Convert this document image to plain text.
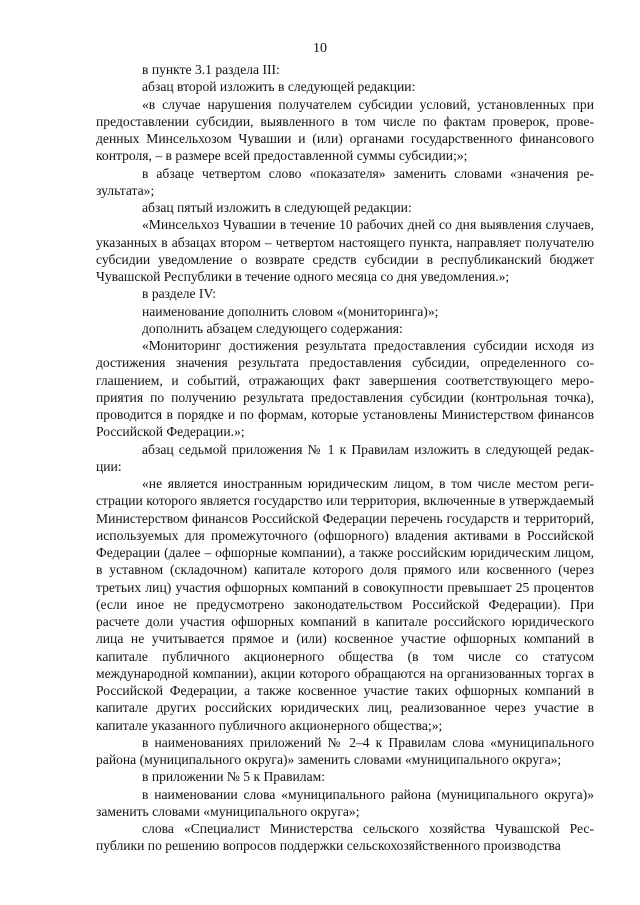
10

в пункте 3.1 раздела III:

абзац второй изложить в следующей редакции:

«в случае нарушения получателем субсидии условий, установленных при предоставлении субсидии, выявленного в том числе по фактам проверок, проведенных Минсельхозом Чувашии и (или) органами государственного финансового контроля, – в размере всей предоставленной суммы субсидии;»;

в абзаце четвертом слово «показателя» заменить словами «значения результата»;

абзац пятый изложить в следующей редакции:

«Минсельхоз Чувашии в течение 10 рабочих дней со дня выявления случаев, указанных в абзацах втором – четвертом настоящего пункта, направляет получателю субсидии уведомление о возврате средств субсидии в республиканский бюджет Чувашской Республики в течение одного месяца со дня уведомления.»;

в разделе IV:

наименование дополнить словом «(мониторинга)»;

дополнить абзацем следующего содержания:

«Мониторинг достижения результата предоставления субсидии исходя из достижения значения результата предоставления субсидии, определенного соглашением, и событий, отражающих факт завершения соответствующего мероприятия по получению результата предоставления субсидии (контрольная точка), проводится в порядке и по формам, которые установлены Министерством финансов Российской Федерации.»;

абзац седьмой приложения № 1 к Правилам изложить в следующей редакции:

«не является иностранным юридическим лицом, в том числе местом регистрации которого является государство или территория, включенные в утверждаемый Министерством финансов Российской Федерации перечень государств и территорий, используемых для промежуточного (офшорного) владения активами в Российской Федерации (далее – офшорные компании), а также российским юридическим лицом, в уставном (складочном) капитале которого доля прямого или косвенного (через третьих лиц) участия офшорных компаний в совокупности превышает 25 процентов (если иное не предусмотрено законодательством Российской Федерации). При расчете доли участия офшорных компаний в капитале российского юридического лица не учитывается прямое и (или) косвенное участие офшорных компаний в капитале публичного акционерного общества (в том числе со статусом международной компании), акции которого обращаются на организованных торгах в Российской Федерации, а также косвенное участие таких офшорных компаний в капитале других российских юридических лиц, реализованное через участие в капитале указанного публичного акционерного общества;»;

в наименованиях приложений № 2–4 к Правилам слова «муниципального района (муниципального округа)» заменить словами «муниципального округа»;

в приложении № 5 к Правилам:

в наименовании слова «муниципального района (муниципального округа)» заменить словами «муниципального округа»;

слова «Специалист Министерства сельского хозяйства Чувашской Республики по решению вопросов поддержки сельскохозяйственного производства
